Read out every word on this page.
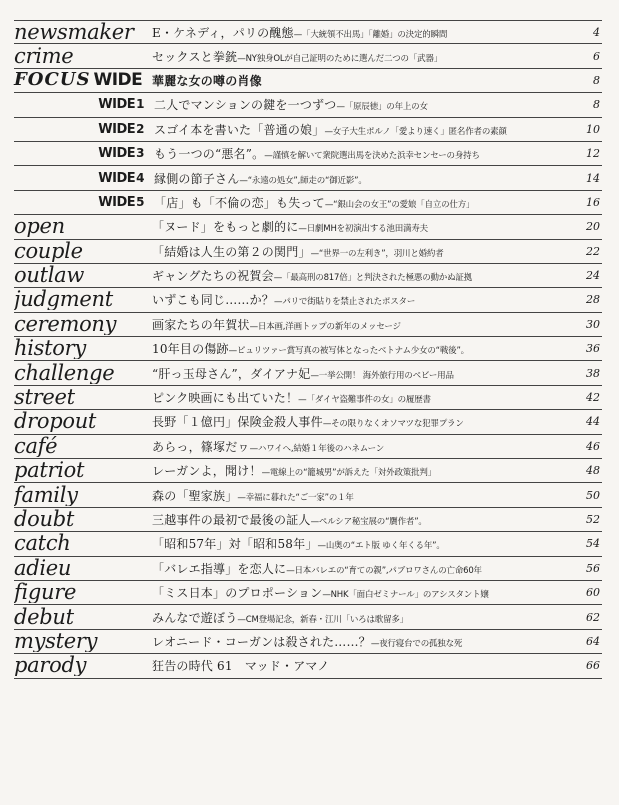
newsmaker	E・ケネディ，パリの醜態 —「大統領不出馬」「離婚」の決定的瞬間	4
crime	セックスと拳銃 —NY独身OLが自己証明のために選んだ二つの「武器」	6
FOCUS WIDE 華麗な女の噂の肖像	8
WIDE1 二人でマンションの鍵を一つずつ —「原辰徳」の年上の女	8
WIDE2 スゴイ本を書いた「普通の娘」 —女子大生ポルノ「愛より速く」匿名作者の素顔	10
WIDE3 もう一つの“悪名”。 —謹慎を解いて衆院選出馬を決めた浜幸センセーの身持ち	12
WIDE4 縁側の節子さん —“永遠の処女”,師走の“御近影”。	14
WIDE5 「店」も「不倫の恋」も失って —“銀山会の女王”の愛娘「自立の仕方」	16
open	「ヌード」をもっと劇的に —日劇MHを初演出する池田満寿夫	20
couple	「結婚は人生の第２の関門」 —“世界一の左利き”，羽川と婚約者	22
outlaw	ギャングたちの祝賀会 —「最高刑の817倍」と判決された極悪の動かぬ証拠	24
judgment	いずこも同じ……か？ —パリで街貼りを禁止されたポスター	28
ceremony	画家たちの年賀状 —日本画,洋画トップの新年のメッセージ	30
history	10年目の傷跡 —ピュリツァー賞写真の被写体となったベトナム少女の“戦後”。	36
challenge	“肝っ玉母さん”，ダイアナ妃 —一挙公開！ 海外旅行用のベビー用品	38
street	ピンク映画にも出ていた！ —「ダイヤ盗難事件の女」の履歴書	42
dropout	長野「１億円」保険金殺人事件 —その限りなくオソマツな犯罪プラン	44
café	あらっ，篠塚だヮ —ハワイへ,結婚１年後のハネムーン	46
patriot	レーガンよ，聞け！ —電線上の“籠城男”が訴えた「対外政策批判」	48
family	森の「聖家族」 —幸福に暮れた“ご一家”の１年	50
doubt	三越事件の最初で最後の証人 —ペルシア秘宝展の“贋作者”。	52
catch	「昭和57年」対「昭和58年」 —山奥の“エト版 ゆく年くる年”。	54
adieu	「バレエ指導」を恋人に —日本バレエの“育ての親”,パブロワさんの亡命60年	56
figure	「ミス日本」のプロポーション —NHK「面白ゼミナール」のアシスタント嬢	60
debut	みんなで遊ぼう —CM登場記念，新春・江川「いろは歌留多」	62
mystery	レオニード・コーガンは殺された……？ —夜行寝台での孤独な死	64
parody	狂告の時代 61　マッド・アマノ	66
